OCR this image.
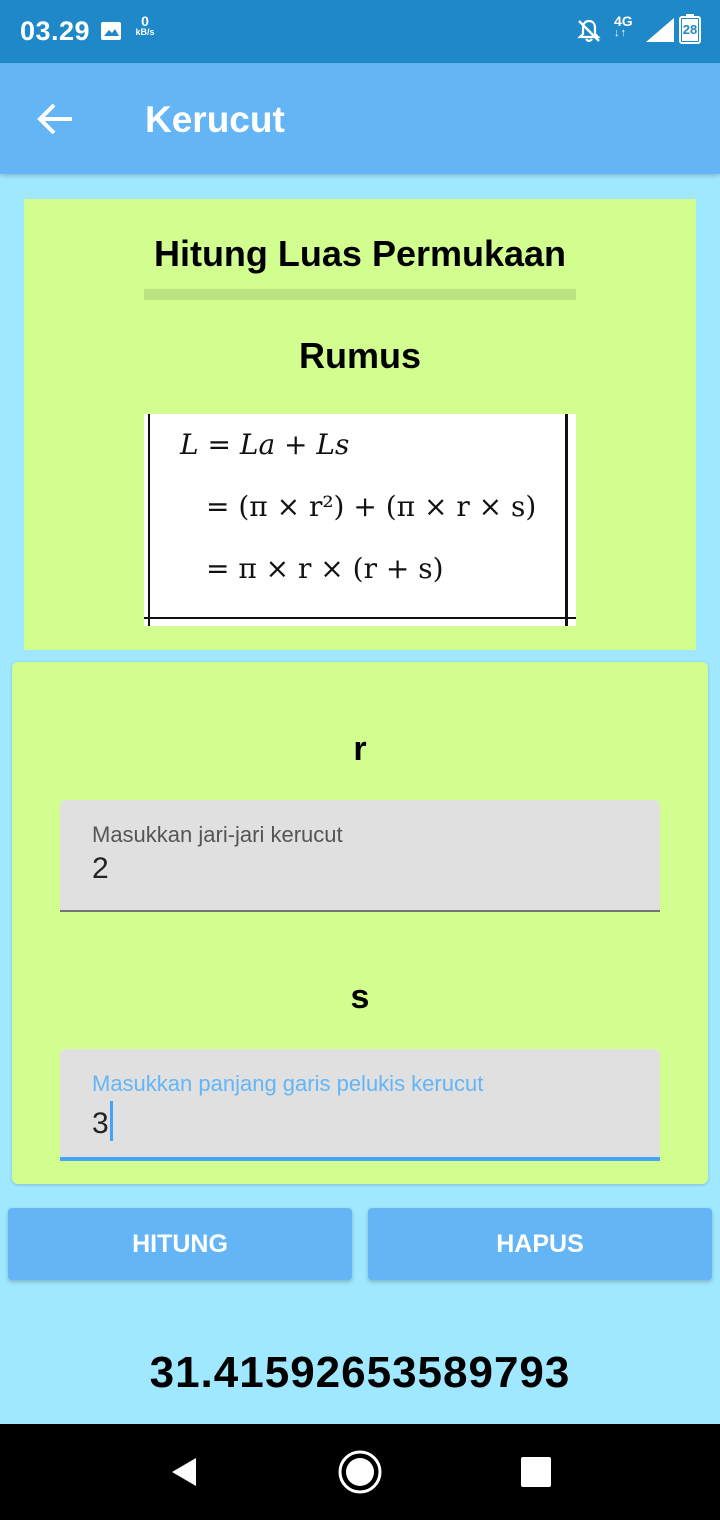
03.29	0
kB/s
4G
↓↑	28
Kerucut
Hitung Luas Permukaan
Rumus
L = La + Ls
= (π × r²) + (π × r × s)
= π × r × (r + s)
r
Masukkan jari-jari kerucut
2
s
Masukkan panjang garis pelukis kerucut
3
HITUNG	HAPUS
31.41592653589793
